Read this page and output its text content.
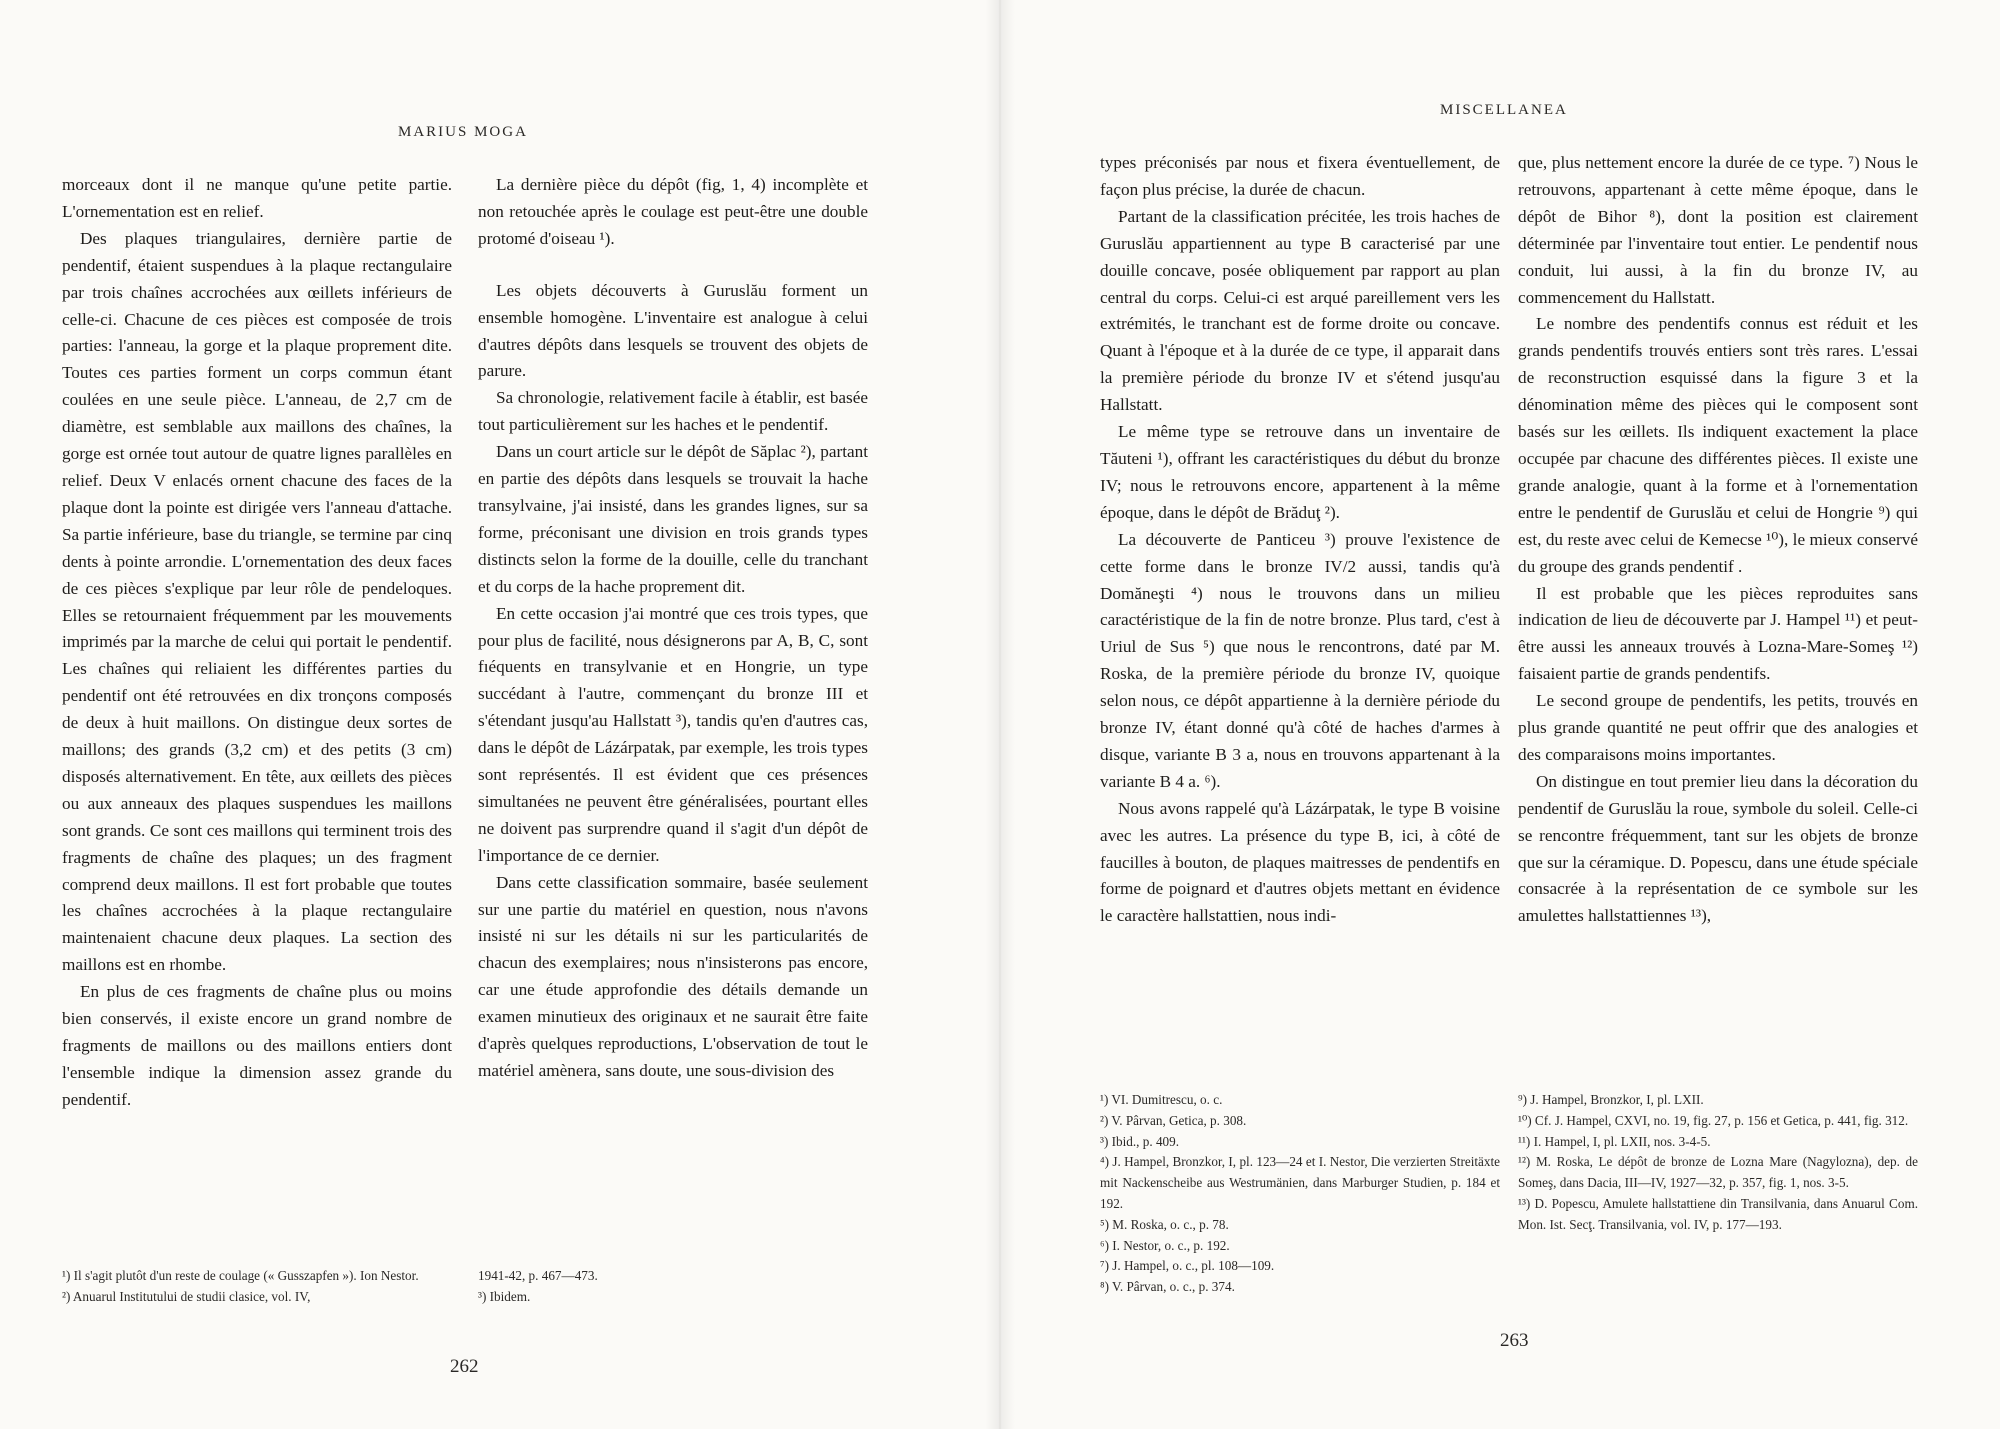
MARIUS MOGA

morceaux dont il ne manque qu'une petite partie. L'ornementation est en relief.

Des plaques triangulaires, dernière partie de pendentif, étaient suspendues à la plaque rectangulaire par trois chaînes accrochées aux œillets inférieurs de celle-ci. Chacune de ces pièces est composée de trois parties: l'anneau, la gorge et la plaque proprement dite. Toutes ces parties forment un corps commun étant coulées en une seule pièce. L'anneau, de 2,7 cm de diamètre, est semblable aux maillons des chaînes, la gorge est ornée tout autour de quatre lignes parallèles en relief. Deux V enlacés ornent chacune des faces de la plaque dont la pointe est dirigée vers l'anneau d'attache. Sa partie inférieure, base du triangle, se termine par cinq dents à pointe arrondie. L'ornementation des deux faces de ces pièces s'explique par leur rôle de pendeloques. Elles se retournaient fréquemment par les mouvements imprimés par la marche de celui qui portait le pendentif. Les chaînes qui reliaient les différentes parties du pendentif ont été retrouvées en dix tronçons composés de deux à huit maillons. On distingue deux sortes de maillons; des grands (3,2 cm) et des petits (3 cm) disposés alternativement. En tête, aux œillets des pièces ou aux anneaux des plaques suspendues les maillons sont grands. Ce sont ces maillons qui terminent trois des fragments de chaîne des plaques; un des fragment comprend deux maillons. Il est fort probable que toutes les chaînes accrochées à la plaque rectangulaire maintenaient chacune deux plaques. La section des maillons est en rhombe.

En plus de ces fragments de chaîne plus ou moins bien conservés, il existe encore un grand nombre de fragments de maillons ou des maillons entiers dont l'ensemble indique la dimension assez grande du pendentif.

La dernière pièce du dépôt (fig, 1, 4) incomplète et non retouchée après le coulage est peut-être une double protomé d'oiseau ¹).

Les objets découverts à Guruslău forment un ensemble homogène. L'inventaire est analogue à celui d'autres dépôts dans lesquels se trouvent des objets de parure.

Sa chronologie, relativement facile à établir, est basée tout particulièrement sur les haches et le pendentif.

Dans un court article sur le dépôt de Săplac ²), partant en partie des dépôts dans lesquels se trouvait la hache transylvaine, j'ai insisté, dans les grandes lignes, sur sa forme, préconisant une division en trois grands types distincts selon la forme de la douille, celle du tranchant et du corps de la hache proprement dit.

En cette occasion j'ai montré que ces trois types, que pour plus de facilité, nous désignerons par A, B, C, sont fıéquents en transylvanie et en Hongrie, un type succédant à l'autre, commençant du bronze III et s'étendant jusqu'au Hallstatt ³), tandis qu'en d'autres cas, dans le dépôt de Lázárpatak, par exemple, les trois types sont représentés. Il est évident que ces présences simultanées ne peuvent être généralisées, pourtant elles ne doivent pas surprendre quand il s'agit d'un dépôt de l'importance de ce dernier.

Dans cette classification sommaire, basée seulement sur une partie du matériel en question, nous n'avons insisté ni sur les détails ni sur les particularités de chacun des exemplaires; nous n'insisterons pas encore, car une étude approfondie des détails demande un examen minutieux des originaux et ne saurait être faite d'après quelques reproductions, L'observation de tout le matériel amènera, sans doute, une sous-division des

¹) Il s'agit plutôt d'un reste de coulage (« Gusszapfen »). Ion Nestor.
²) Anuarul Institutului de studii clasice, vol. IV,
1941-42, p. 467—473.
³) Ibidem.
262
MISCELLANEA

types préconisés par nous et fixera éventuellement, de façon plus précise, la durée de chacun.

Partant de la classification précitée, les trois haches de Guruslău appartiennent au type B caracterisé par une douille concave, posée obliquement par rapport au plan central du corps. Celui-ci est arqué pareillement vers les extrémités, le tranchant est de forme droite ou concave. Quant à l'époque et à la durée de ce type, il apparait dans la première période du bronze IV et s'étend jusqu'au Hallstatt.

Le même type se retrouve dans un inventaire de Tăuteni ¹), offrant les caractéristiques du début du bronze IV; nous le retrouvons encore, appartenent à la même époque, dans le dépôt de Brăduţ ²).

La découverte de Panticeu ³) prouve l'existence de cette forme dans le bronze IV/2 aussi, tandis qu'à Domăneşti ⁴) nous le trouvons dans un milieu caractéristique de la fin de notre bronze. Plus tard, c'est à Uriul de Sus ⁵) que nous le rencontrons, daté par M. Roska, de la première période du bronze IV, quoique selon nous, ce dépôt appartienne à la dernière période du bronze IV, étant donné qu'à côté de haches d'armes à disque, variante B 3 a, nous en trouvons appartenant à la variante B 4 a. ⁶).

Nous avons rappelé qu'à Lázárpatak, le type B voisine avec les autres. La présence du type B, ici, à côté de faucilles à bouton, de plaques maitresses de pendentifs en forme de poignard et d'autres objets mettant en évidence le caractère hallstattien, nous indi-

que, plus nettement encore la durée de ce type. ⁷) Nous le retrouvons, appartenant à cette même époque, dans le dépôt de Bihor ⁸), dont la position est clairement déterminée par l'inventaire tout entier. Le pendentif nous conduit, lui aussi, à la fin du bronze IV, au commencement du Hallstatt.

Le nombre des pendentifs connus est réduit et les grands pendentifs trouvés entiers sont très rares. L'essai de reconstruction esquissé dans la figure 3 et la dénomination même des pièces qui le composent sont basés sur les œillets. Ils indiquent exactement la place occupée par chacune des différentes pièces. Il existe une grande analogie, quant à la forme et à l'ornementation entre le pendentif de Guruslău et celui de Hongrie ⁹) qui est, du reste avec celui de Kemecse ¹⁰), le mieux conservé du groupe des grands pendentif .

Il est probable que les pièces reproduites sans indication de lieu de découverte par J. Hampel ¹¹) et peut-être aussi les anneaux trouvés à Lozna-Mare-Someş ¹²) faisaient partie de grands pendentifs.

Le second groupe de pendentifs, les petits, trouvés en plus grande quantité ne peut offrir que des analogies et des comparaisons moins importantes.

On distingue en tout premier lieu dans la décoration du pendentif de Guruslău la roue, symbole du soleil. Celle-ci se rencontre fréquemment, tant sur les objets de bronze que sur la céramique. D. Popescu, dans une étude spéciale consacrée à la représentation de ce symbole sur les amulettes hallstattiennes ¹³),

¹) VI. Dumitrescu, o. c.
²) V. Pârvan, Getica, p. 308.
³) Ibid., p. 409.
⁴) J. Hampel, Bronzkor, I, pl. 123—24 et I. Nestor, Die verzierten Streitäxte mit Nackenscheibe aus Westrumänien, dans Marburger Studien, p. 184 et 192.
⁵) M. Roska, o. c., p. 78.
⁶) I. Nestor, o. c., p. 192.
⁷) J. Hampel, o. c., pl. 108—109.
⁸) V. Pârvan, o. c., p. 374.
⁹) J. Hampel, Bronzkor, I, pl. LXII.
¹⁰) Cf. J. Hampel, CXVI, no. 19, fig. 27, p. 156 et Getica, p. 441, fig. 312.
¹¹) I. Hampel, I, pl. LXII, nos. 3-4-5.
¹²) M. Roska, Le dépôt de bronze de Lozna Mare (Nagylozna), dep. de Someş, dans Dacia, III—IV, 1927—32, p. 357, fig. 1, nos. 3-5.
¹³) D. Popescu, Amulete hallstattiene din Transilvania, dans Anuarul Com. Mon. Ist. Secţ. Transilvania, vol. IV, p. 177—193.
263
